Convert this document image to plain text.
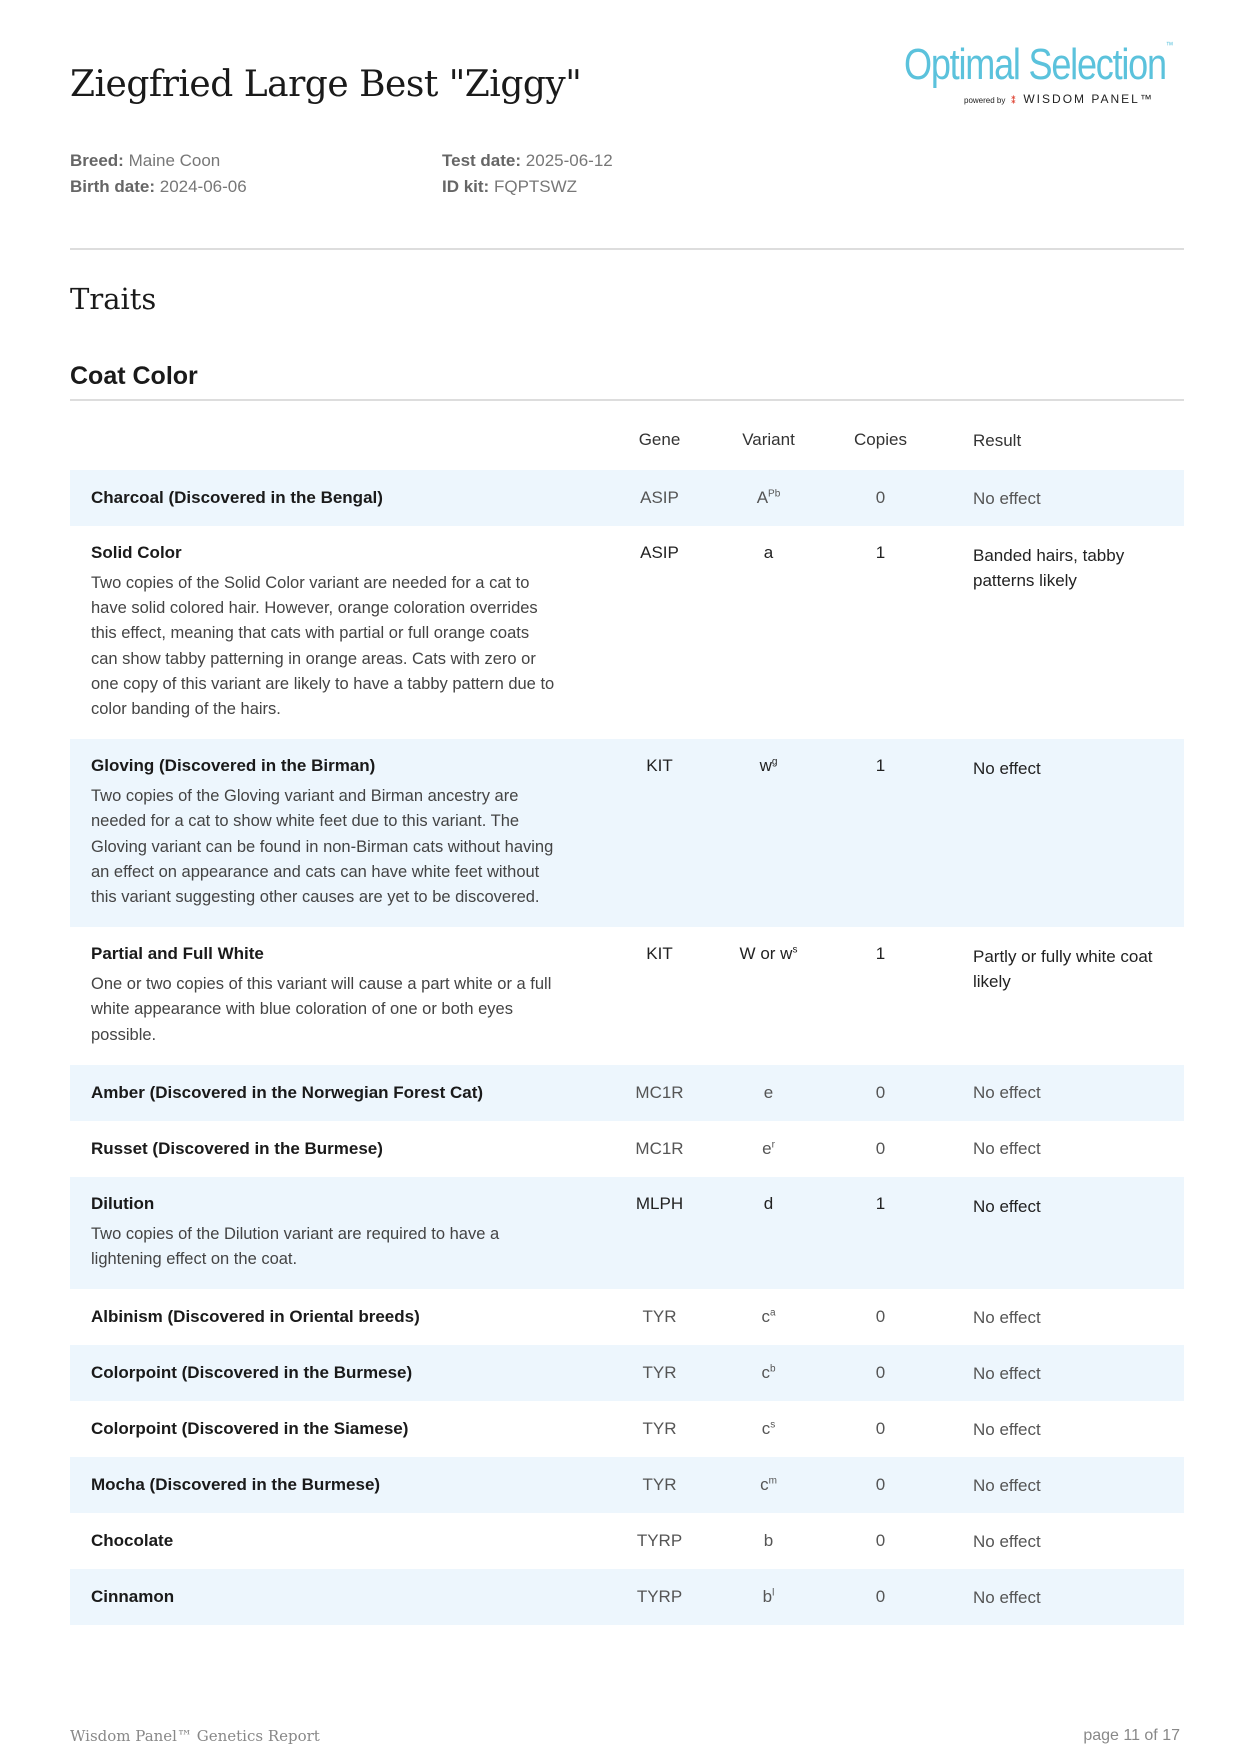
Ziegfried Large Best "Ziggy"	Optimal Selection™
powered by ⁑ WISDOM PANEL™
Breed: Maine Coon
Birth date: 2024-06-06
Test date: 2025-06-12
ID kit: FQPTSWZ
Traits
Coat Color
Gene	Variant	Copies	Result
Charcoal (Discovered in the Bengal)	ASIP	$A^{Pb}$	0	No effect
Solid Color
Two copies of the Solid Color variant are needed for a cat to have solid colored hair. However, orange coloration overrides this effect, meaning that cats with partial or full orange coats can show tabby patterning in orange areas. Cats with zero or one copy of this variant are likely to have a tabby pattern due to color banding of the hairs.
ASIP	a	1	Banded hairs, tabby patterns likely
Gloving (Discovered in the Birman)
Two copies of the Gloving variant and Birman ancestry are needed for a cat to show white feet due to this variant. The Gloving variant can be found in non-Birman cats without having an effect on appearance and cats can have white feet without this variant suggesting other causes are yet to be discovered.
KIT	$w^g$	1	No effect
Partial and Full White
One or two copies of this variant will cause a part white or a full white appearance with blue coloration of one or both eyes possible.
KIT	W or $w^s$	1	Partly or fully white coat likely
Amber (Discovered in the Norwegian Forest Cat)	MC1R	e	0	No effect
Russet (Discovered in the Burmese)	MC1R	$e^r$	0	No effect
Dilution
Two copies of the Dilution variant are required to have a lightening effect on the coat.
MLPH	d	1	No effect
Albinism (Discovered in Oriental breeds)	TYR	$c^a$	0	No effect
Colorpoint (Discovered in the Burmese)	TYR	$c^b$	0	No effect
Colorpoint (Discovered in the Siamese)	TYR	$c^s$	0	No effect
Mocha (Discovered in the Burmese)	TYR	$c^m$	0	No effect
Chocolate	TYRP	b	0	No effect
Cinnamon	TYRP	$b^l$	0	No effect
Wisdom Panel™ Genetics Report	page 11 of 17
